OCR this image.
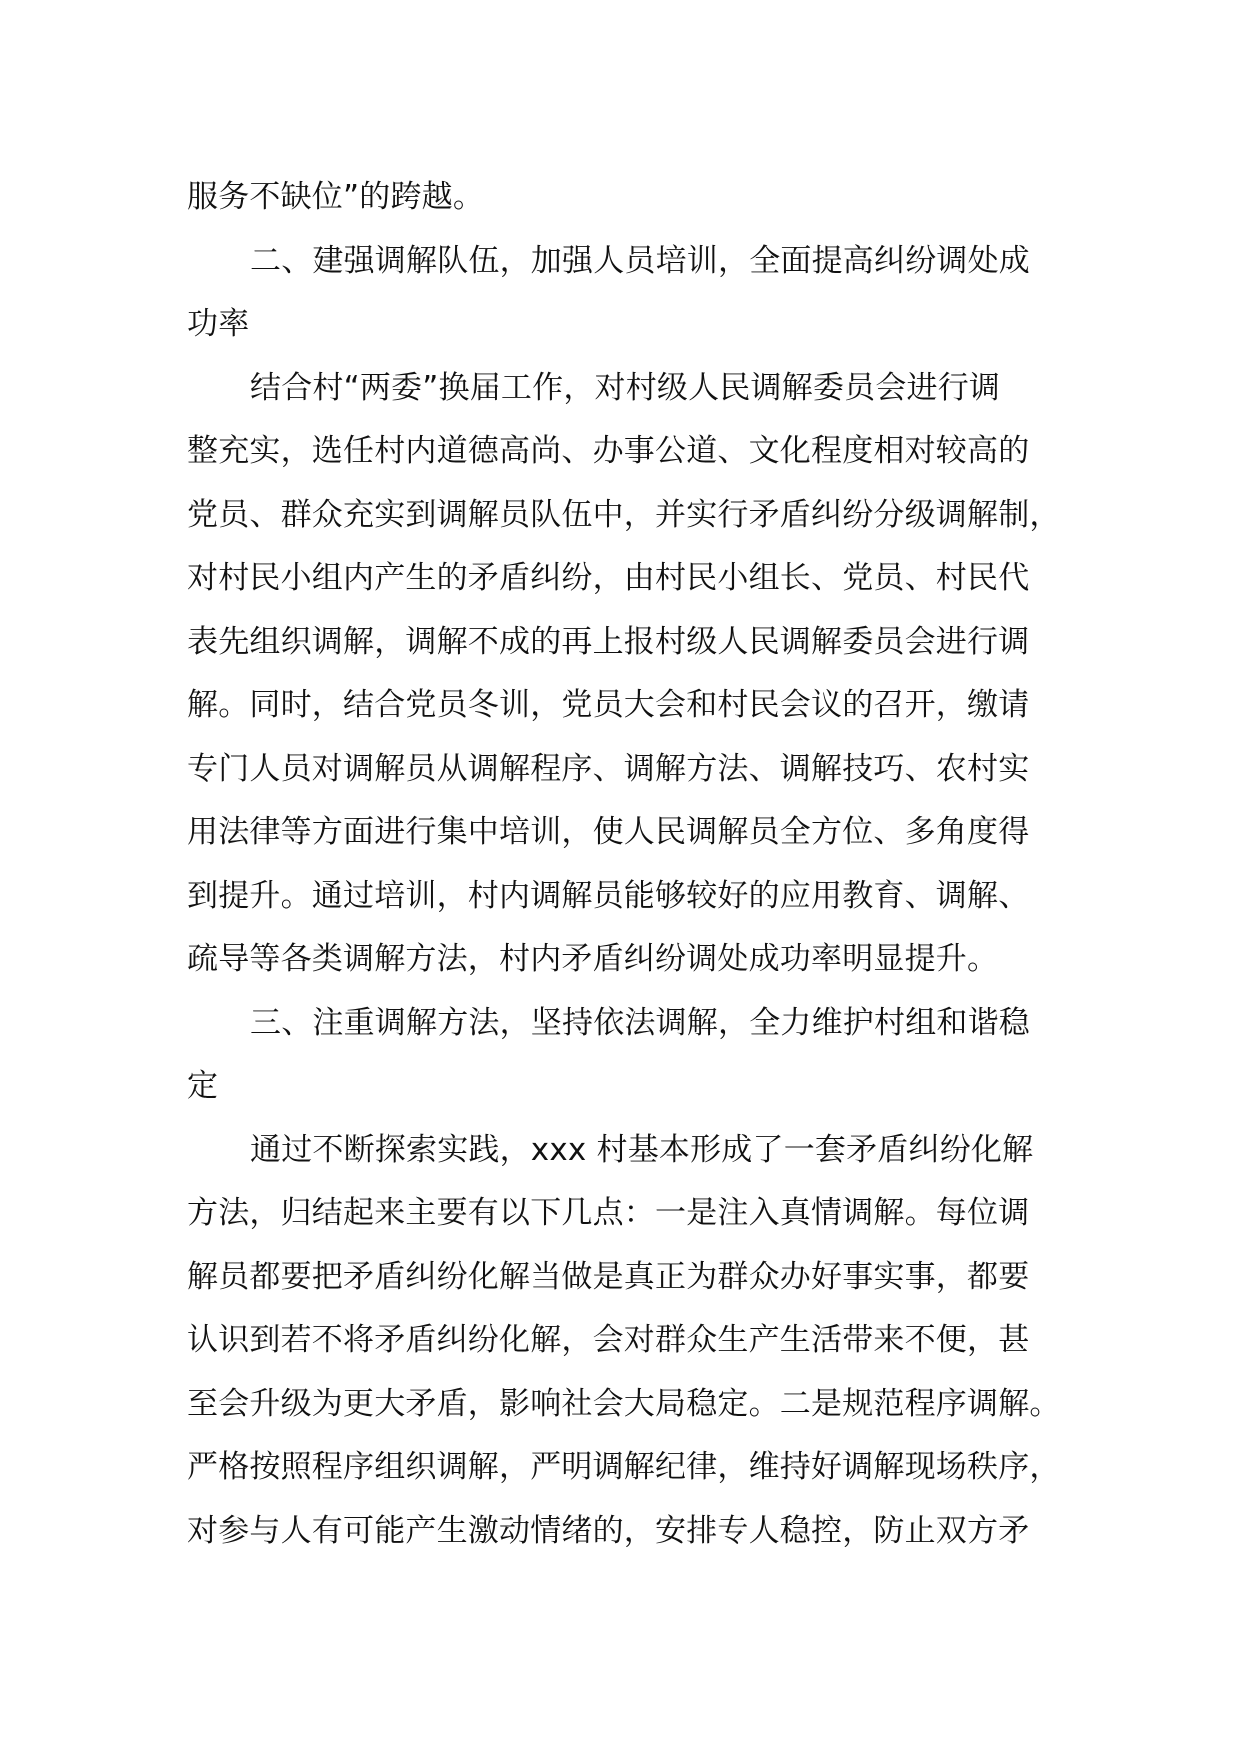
服务不缺位”的跨越。
二、建强调解队伍，加强人员培训，全面提高纠纷调处成
功率
结合村“两委”换届工作，对村级人民调解委员会进行调
整充实，选任村内道德高尚、办事公道、文化程度相对较高的
党员、群众充实到调解员队伍中，并实行矛盾纠纷分级调解制，
对村民小组内产生的矛盾纠纷，由村民小组长、党员、村民代
表先组织调解，调解不成的再上报村级人民调解委员会进行调
解。同时，结合党员冬训，党员大会和村民会议的召开，缴请
专门人员对调解员从调解程序、调解方法、调解技巧、农村实
用法律等方面进行集中培训，使人民调解员全方位、多角度得
到提升。通过培训，村内调解员能够较好的应用教育、调解、
疏导等各类调解方法，村内矛盾纠纷调处成功率明显提升。
三、注重调解方法，坚持依法调解，全力维护村组和谐稳
定
通过不断探索实践，xxx 村基本形成了一套矛盾纠纷化解
方法，归结起来主要有以下几点：一是注入真情调解。每位调
解员都要把矛盾纠纷化解当做是真正为群众办好事实事，都要
认识到若不将矛盾纠纷化解，会对群众生产生活带来不便，甚
至会升级为更大矛盾，影响社会大局稳定。二是规范程序调解。
严格按照程序组织调解，严明调解纪律，维持好调解现场秩序，
对参与人有可能产生激动情绪的，安排专人稳控，防止双方矛
